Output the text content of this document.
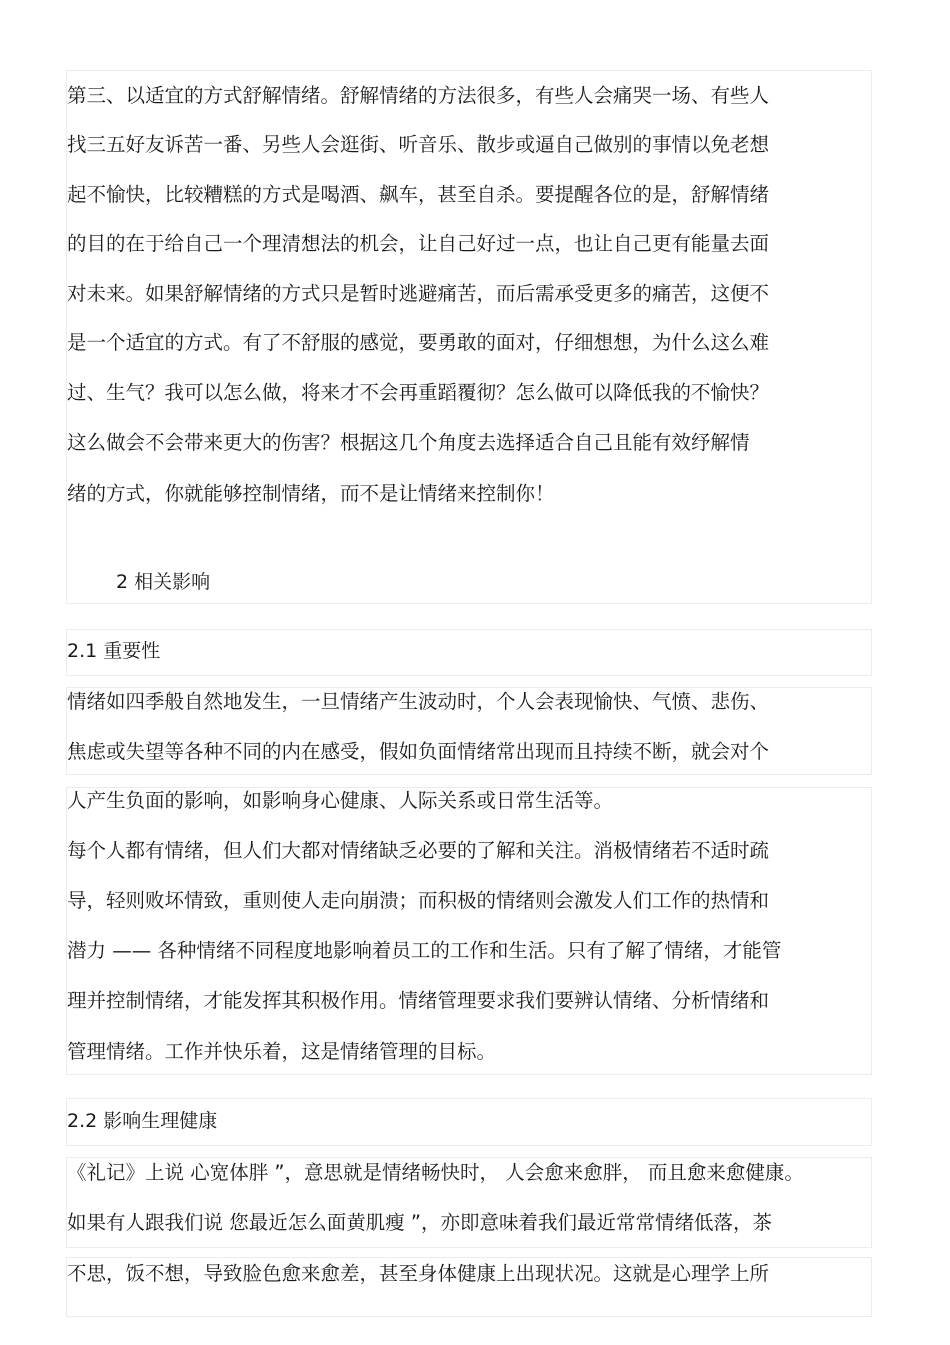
第三、以适宜的方式舒解情绪。舒解情绪的方法很多，有些人会痛哭一场、有些人
找三五好友诉苦一番、另些人会逛街、听音乐、散步或逼自己做别的事情以免老想
起不愉快，比较糟糕的方式是喝酒、飙车，甚至自杀。要提醒各位的是，舒解情绪
的目的在于给自己一个理清想法的机会，让自己好过一点，也让自己更有能量去面
对未来。如果舒解情绪的方式只是暂时逃避痛苦，而后需承受更多的痛苦，这便不
是一个适宜的方式。有了不舒服的感觉，要勇敢的面对，仔细想想，为什么这么难
过、生气？我可以怎么做，将来才不会再重蹈覆彻？怎么做可以降低我的不愉快？
这么做会不会带来更大的伤害？根据这几个角度去选择适合自己且能有效纾解情
绪的方式，你就能够控制情绪，而不是让情绪来控制你！
2 相关影响
2.1 重要性
情绪如四季般自然地发生，一旦情绪产生波动时，个人会表现愉快、气愤、悲伤、
焦虑或失望等各种不同的内在感受，假如负面情绪常出现而且持续不断，就会对个
人产生负面的影响，如影响身心健康、人际关系或日常生活等。
每个人都有情绪，但人们大都对情绪缺乏必要的了解和关注。消极情绪若不适时疏
导，轻则败坏情致，重则使人走向崩溃；而积极的情绪则会激发人们工作的热情和
潜力 —— 各种情绪不同程度地影响着员工的工作和生活。只有了解了情绪，才能管
理并控制情绪，才能发挥其积极作用。情绪管理要求我们要辨认情绪、分析情绪和
管理情绪。工作并快乐着，这是情绪管理的目标。
2.2 影响生理健康
《礼记》上说 心宽体胖 ”，意思就是情绪畅快时， 人会愈来愈胖， 而且愈来愈健康。
如果有人跟我们说 您最近怎么面黄肌瘦 ”，亦即意味着我们最近常常情绪低落，茶
不思，饭不想，导致脸色愈来愈差，甚至身体健康上出现状况。这就是心理学上所
